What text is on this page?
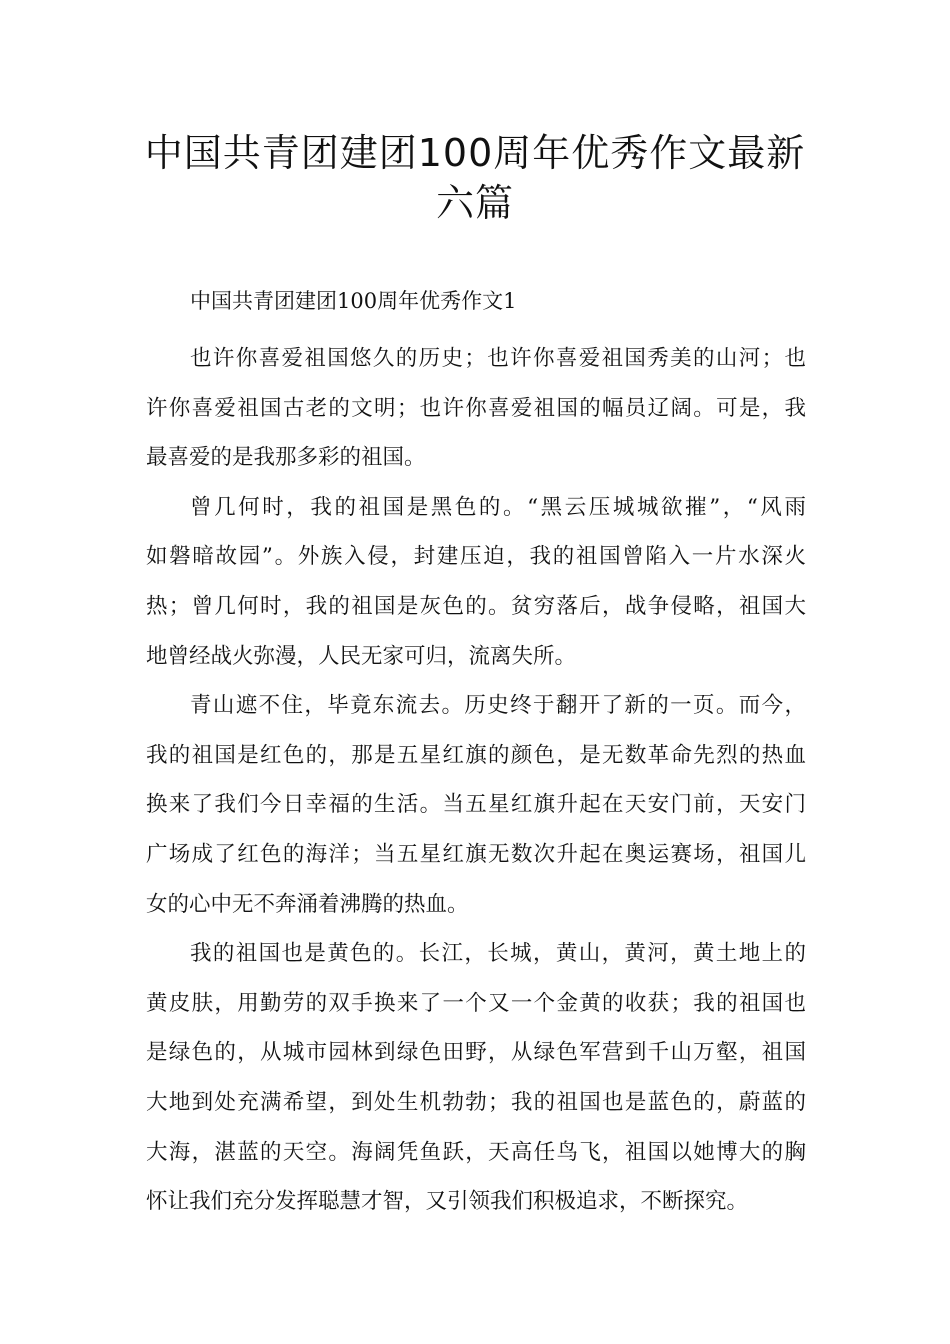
中国共青团建团100周年优秀作文最新
六篇

中国共青团建团100周年优秀作文1

也许你喜爱祖国悠久的历史；也许你喜爱祖国秀美的山河；也
许你喜爱祖国古老的文明；也许你喜爱祖国的幅员辽阔。可是，我
最喜爱的是我那多彩的祖国。

曾几何时，我的祖国是黑色的。“黑云压城城欲摧”，“风雨
如磐暗故园”。外族入侵，封建压迫，我的祖国曾陷入一片水深火
热；曾几何时，我的祖国是灰色的。贫穷落后，战争侵略，祖国大
地曾经战火弥漫，人民无家可归，流离失所。

青山遮不住，毕竟东流去。历史终于翻开了新的一页。而今，
我的祖国是红色的，那是五星红旗的颜色，是无数革命先烈的热血
换来了我们今日幸福的生活。当五星红旗升起在天安门前，天安门
广场成了红色的海洋；当五星红旗无数次升起在奥运赛场，祖国儿
女的心中无不奔涌着沸腾的热血。

我的祖国也是黄色的。长江，长城，黄山，黄河，黄土地上的
黄皮肤，用勤劳的双手换来了一个又一个金黄的收获；我的祖国也
是绿色的，从城市园林到绿色田野，从绿色军营到千山万壑，祖国
大地到处充满希望，到处生机勃勃；我的祖国也是蓝色的，蔚蓝的
大海，湛蓝的天空。海阔凭鱼跃，天高任鸟飞，祖国以她博大的胸
怀让我们充分发挥聪慧才智，又引领我们积极追求，不断探究。
